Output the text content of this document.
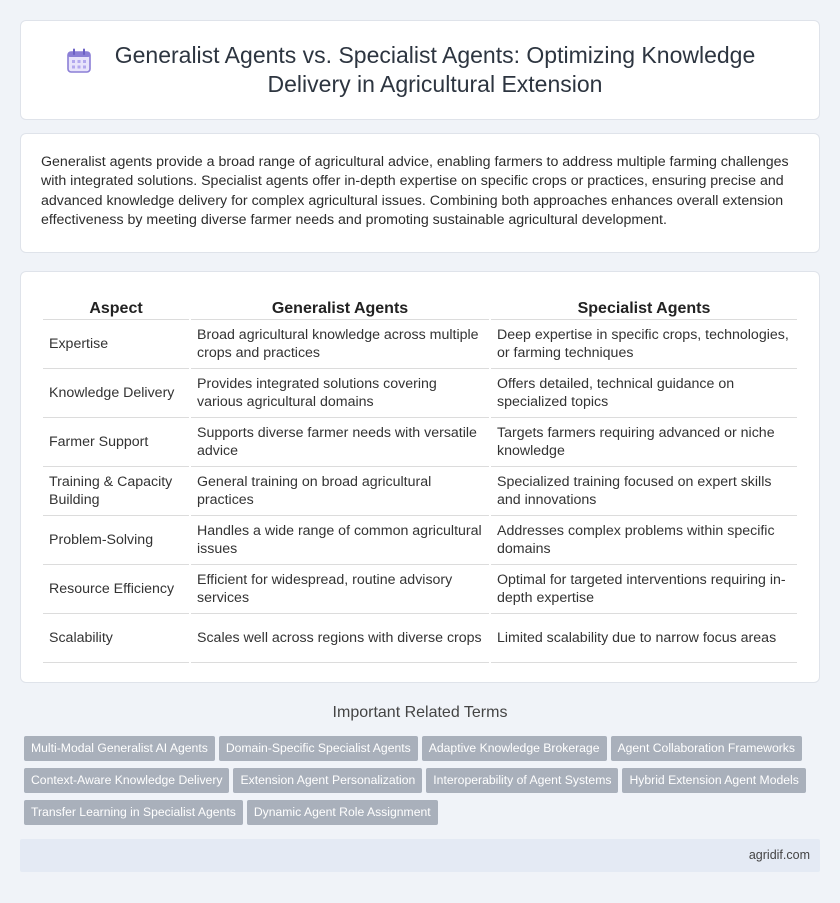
Generalist Agents vs. Specialist Agents: Optimizing Knowledge Delivery in Agricultural Extension

Generalist agents provide a broad range of agricultural advice, enabling farmers to address multiple farming challenges with integrated solutions. Specialist agents offer in-depth expertise on specific crops or practices, ensuring precise and advanced knowledge delivery for complex agricultural issues. Combining both approaches enhances overall extension effectiveness by meeting diverse farmer needs and promoting sustainable agricultural development.

Aspect	Generalist Agents	Specialist Agents
Expertise	Broad agricultural knowledge across multiple crops and practices	Deep expertise in specific crops, technologies, or farming techniques
Knowledge Delivery	Provides integrated solutions covering various agricultural domains	Offers detailed, technical guidance on specialized topics
Farmer Support	Supports diverse farmer needs with versatile advice	Targets farmers requiring advanced or niche knowledge
Training & Capacity Building	General training on broad agricultural practices	Specialized training focused on expert skills and innovations
Problem-Solving	Handles a wide range of common agricultural issues	Addresses complex problems within specific domains
Resource Efficiency	Efficient for widespread, routine advisory services	Optimal for targeted interventions requiring in-depth expertise
Scalability	Scales well across regions with diverse crops	Limited scalability due to narrow focus areas
Important Related Terms
Multi-Modal Generalist AI Agents Domain-Specific Specialist Agents Adaptive Knowledge Brokerage Agent Collaboration Frameworks
Context-Aware Knowledge Delivery Extension Agent Personalization Interoperability of Agent Systems Hybrid Extension Agent Models
Transfer Learning in Specialist Agents Dynamic Agent Role Assignment
agridif.com
